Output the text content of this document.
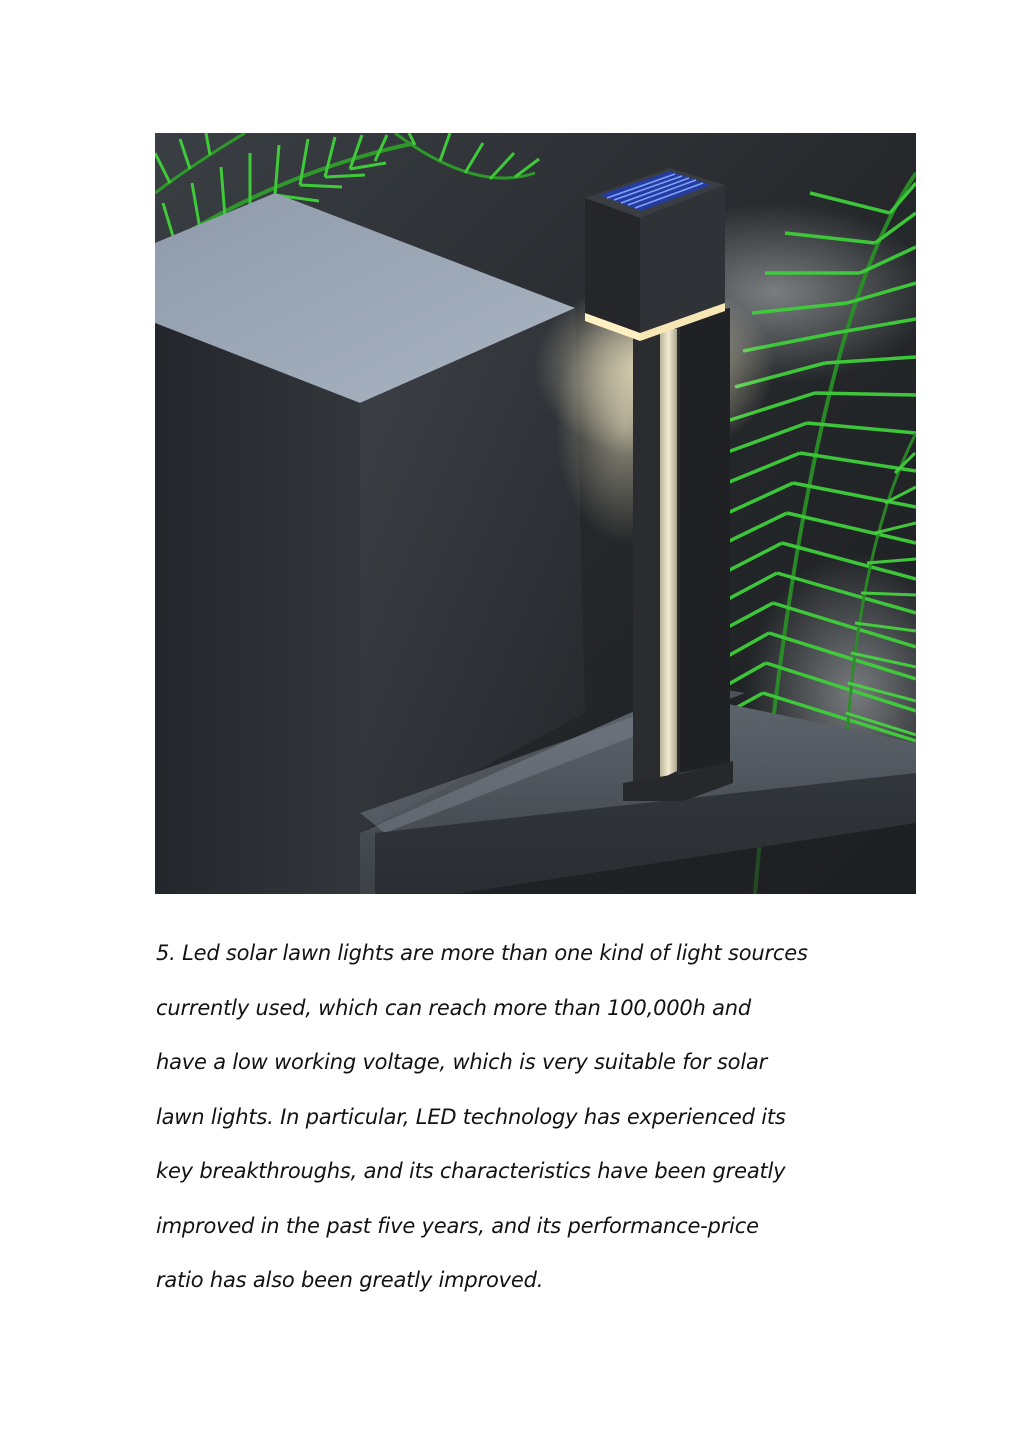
5. Led solar lawn lights are more than one kind of light sources
currently used, which can reach more than 100,000h and
have a low working voltage, which is very suitable for solar
lawn lights. In particular, LED technology has experienced its
key breakthroughs, and its characteristics have been greatly
improved in the past five years, and its performance-price
ratio has also been greatly improved.
